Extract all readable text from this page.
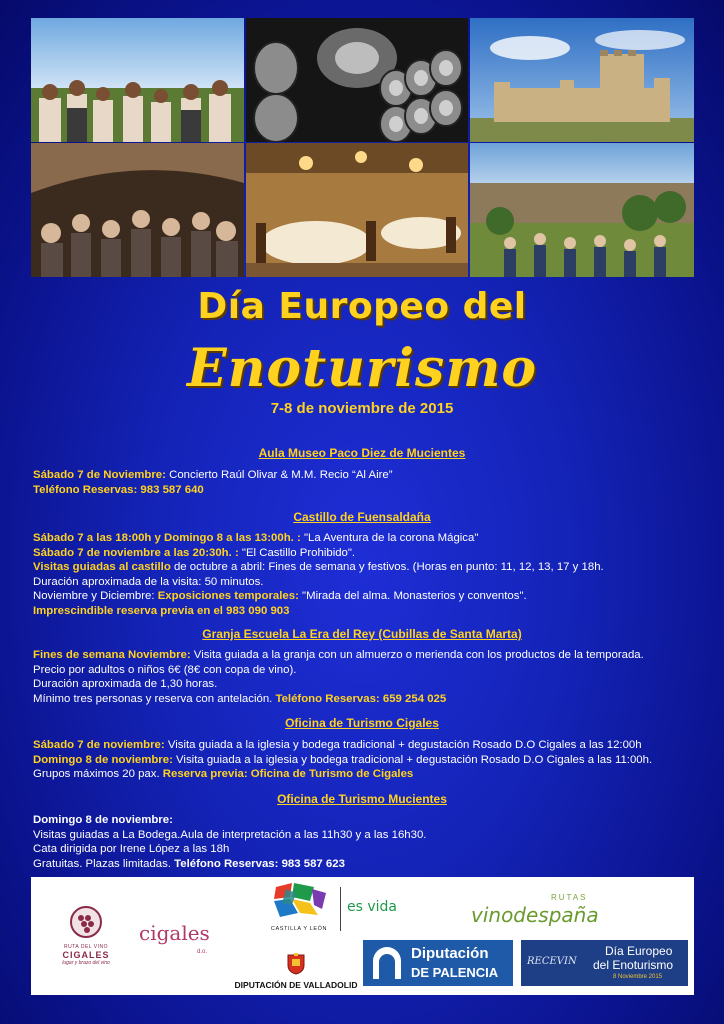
Día Europeo del
Enoturismo
7-8 de noviembre de 2015
Aula Museo Paco Diez de Mucientes
Sábado 7 de Noviembre: Concierto Raúl Olivar & M.M. Recio “Al Aire”
Teléfono Reservas: 983 587 640
Castillo de Fuensaldaña
Sábado 7 a las 18:00h y Domingo 8 a las 13:00h. : "La Aventura de la corona Mágica"
Sábado 7 de noviembre a las 20:30h. : "El Castillo Prohibido".
Visitas guiadas al castillo de octubre a abril: Fines de semana y festivos. (Horas en punto: 11, 12, 13, 17 y 18h.
Duración aproximada de la visita: 50 minutos.
Noviembre y Diciembre: Exposiciones temporales: "Mirada del alma. Monasterios y conventos".
Imprescindible reserva previa en el 983 090 903
Granja Escuela La Era del Rey (Cubillas de Santa Marta)
Fines de semana Noviembre: Visita guiada a la granja con un almuerzo o merienda con los productos de la temporada.
Precio por adultos o niños 6€ (8€ con copa de vino).
Duración aproximada de 1,30 horas.
Mínimo tres personas y reserva con antelación. Teléfono Reservas: 659 254 025
Oficina de Turismo Cigales
Sábado 7 de noviembre: Visita guiada a la iglesia y bodega tradicional + degustación Rosado D.O Cigales a las 12:00h
Domingo 8 de noviembre: Visita guiada a la iglesia y bodega tradicional + degustación Rosado D.O Cigales a las 11:00h.
Grupos máximos 20 pax. Reserva previa: Oficina de Turismo de Cigales
Oficina de Turismo Mucientes
Domingo 8 de noviembre:
Visitas guiadas a La Bodega.Aula de interpretación a las 11h30 y a las 16h30.
Cata dirigida por Irene López a las 18h
Gratuitas. Plazas limitadas. Teléfono Reservas: 983 587 623
RUTA DEL VINO
CIGALES
lugar y brazo del vino
cigales
d.o.
CASTILLA Y LEÓN
es vida
DIPUTACIÓN DE VALLADOLID
RUTAS
vinodespaña
Diputación
DE PALENCIA
RECEVIN
Día Europeo
del Enoturismo
8 Noviembre 2015
